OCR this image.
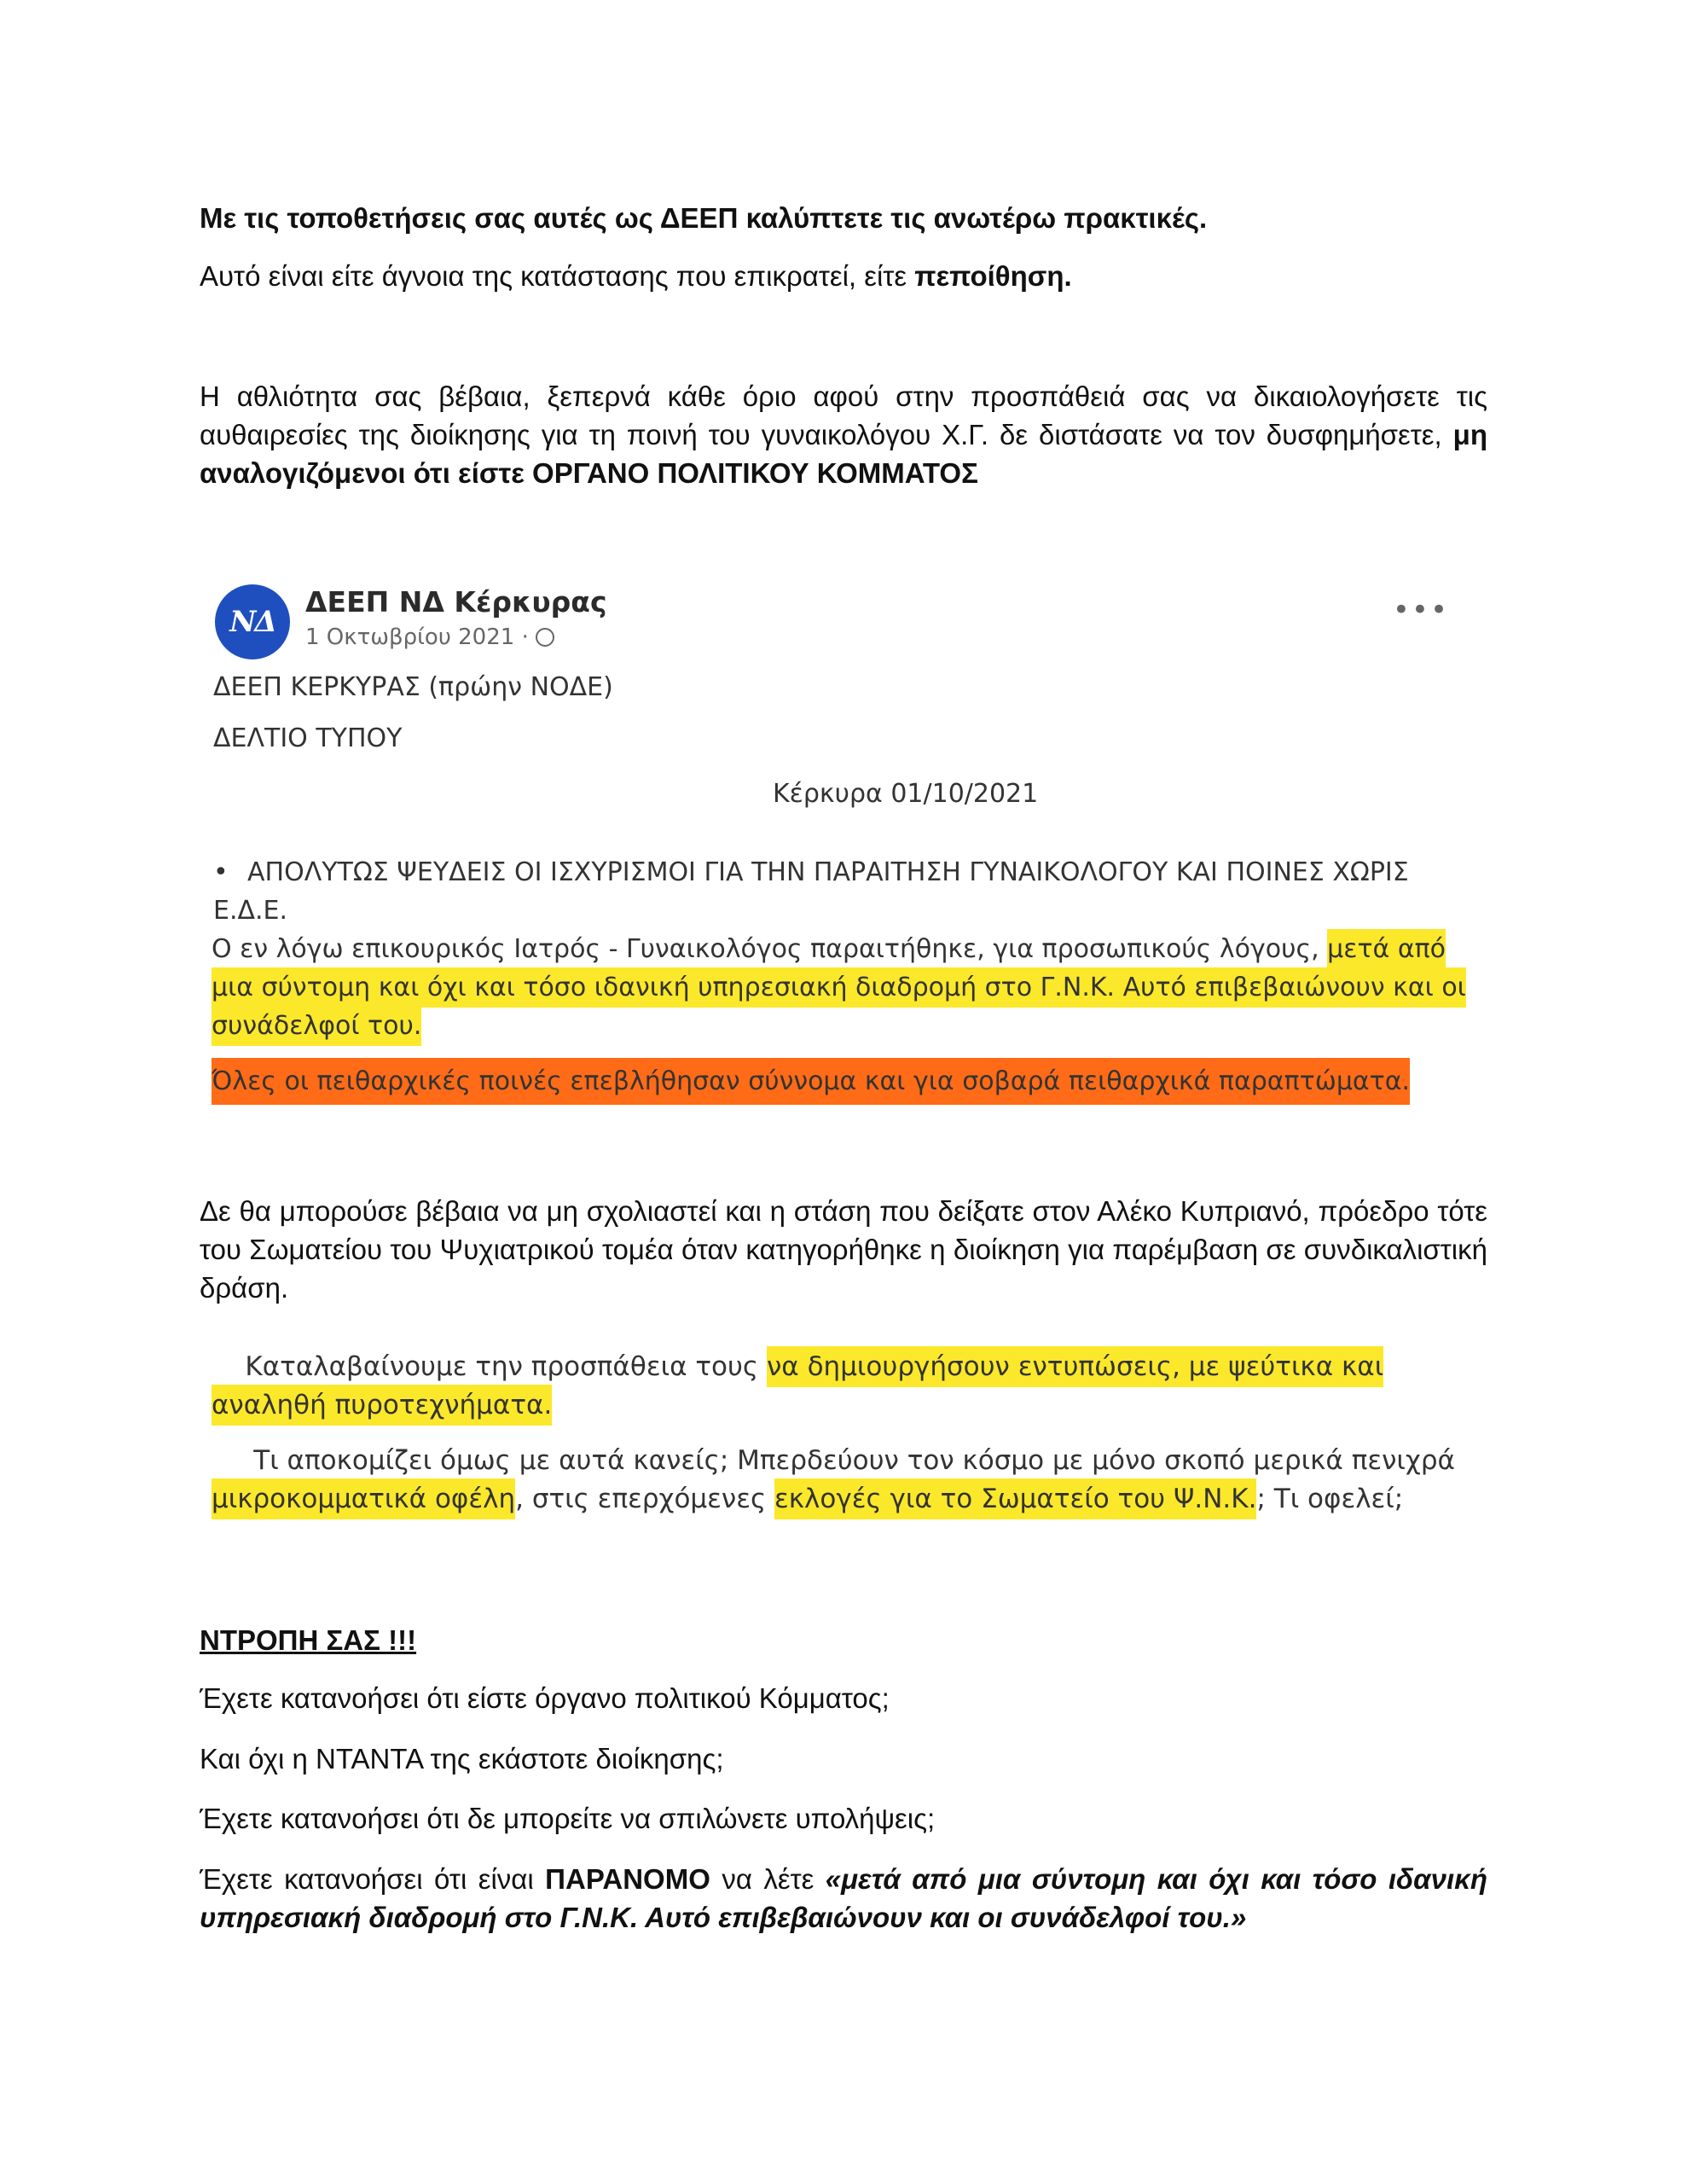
Με τις τοποθετήσεις σας αυτές ως ΔΕΕΠ καλύπτετε τις ανωτέρω πρακτικές.

Αυτό είναι είτε άγνοια της κατάστασης που επικρατεί, είτε πεποίθηση.

Η αθλιότητα σας βέβαια, ξεπερνά κάθε όριο αφού στην προσπάθειά σας να δικαιολογήσετε τις αυθαιρεσίες της διοίκησης για τη ποινή του γυναικολόγου Χ.Γ. δε διστάσατε να τον δυσφημήσετε, μη αναλογιζόμενοι ότι είστε ΟΡΓΑΝΟ ΠΟΛΙΤΙΚΟΥ ΚΟΜΜΑΤΟΣ

ΝΔ
ΔΕΕΠ ΝΔ Κέρκυρας
1 Οκτωβρίου 2021 ·
•••
ΔΕΕΠ ΚΕΡΚΥΡΑΣ (πρώην ΝΟΔΕ)
ΔΕΛΤΙΟ ΤΥΠΟΥ
Κέρκυρα 01/10/2021
• ΑΠΟΛΥΤΩΣ ΨΕΥΔΕΙΣ ΟΙ ΙΣΧΥΡΙΣΜΟΙ ΓΙΑ ΤΗΝ ΠΑΡΑΙΤΗΣΗ ΓΥΝΑΙΚΟΛΟΓΟΥ ΚΑΙ ΠΟΙΝΕΣ ΧΩΡΙΣ Ε.Δ.Ε.
Ο εν λόγω επικουρικός Ιατρός - Γυναικολόγος παραιτήθηκε, για προσωπικούς λόγους, μετά από μια σύντομη και όχι και τόσο ιδανική υπηρεσιακή διαδρομή στο Γ.Ν.Κ. Αυτό επιβεβαιώνουν και οι συνάδελφοί του.
Όλες οι πειθαρχικές ποινές επεβλήθησαν σύννομα και για σοβαρά πειθαρχικά παραπτώματα.

Δε θα μπορούσε βέβαια να μη σχολιαστεί και η στάση που δείξατε στον Αλέκο Κυπριανό, πρόεδρο τότε του Σωματείου του Ψυχιατρικού τομέα όταν κατηγορήθηκε η διοίκηση για παρέμβαση σε συνδικαλιστική δράση.

Καταλαβαίνουμε την προσπάθεια τους να δημιουργήσουν εντυπώσεις, με ψεύτικα και αναληθή πυροτεχνήματα.
Τι αποκομίζει όμως με αυτά κανείς; Μπερδεύουν τον κόσμο με μόνο σκοπό μερικά πενιχρά μικροκομματικά οφέλη, στις επερχόμενες εκλογές για το Σωματείο του Ψ.Ν.Κ.; Τι οφελεί;

ΝΤΡΟΠΗ ΣΑΣ !!!

Έχετε κατανοήσει ότι είστε όργανο πολιτικού Κόμματος;

Και όχι η ΝΤΑΝΤΑ της εκάστοτε διοίκησης;

Έχετε κατανοήσει ότι δε μπορείτε να σπιλώνετε υπολήψεις;

Έχετε κατανοήσει ότι είναι ΠΑΡΑΝΟΜΟ να λέτε «μετά από μια σύντομη και όχι και τόσο ιδανική υπηρεσιακή διαδρομή στο Γ.Ν.Κ. Αυτό επιβεβαιώνουν και οι συνάδελφοί του.»
